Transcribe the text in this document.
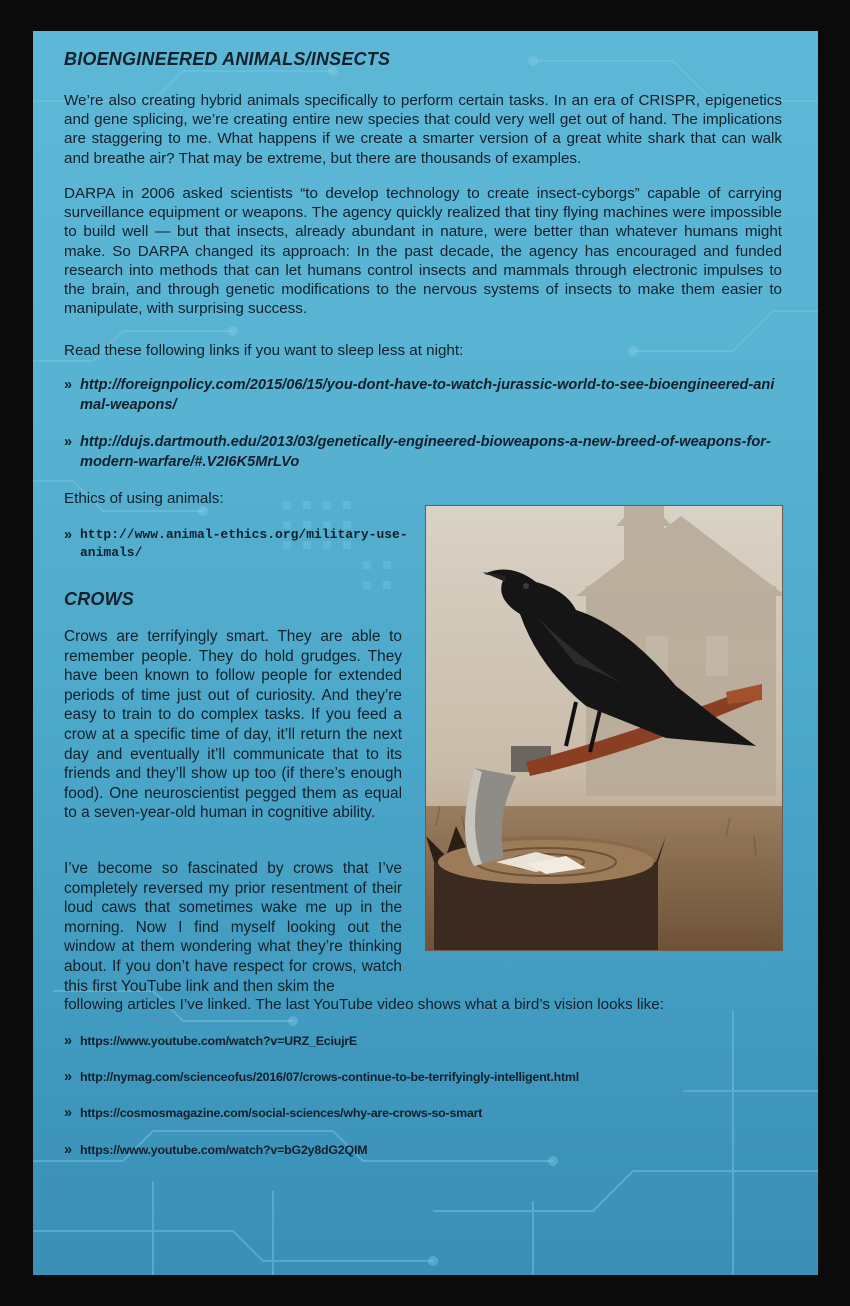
BIOENGINEERED ANIMALS/INSECTS

We’re also creating hybrid animals specifically to perform certain tasks. In an era of CRISPR, epigenetics and gene splicing, we’re creating entire new species that could very well get out of hand. The implications are staggering to me. What happens if we create a smarter version of a great white shark that can walk and breathe air? That may be extreme, but there are thousands of examples.

DARPA in 2006 asked scientists “to develop technology to create insect-cyborgs” capable of carrying surveillance equipment or weapons. The agency quickly realized that tiny flying machines were impossible to build well — but that insects, already abundant in nature, were better than whatever humans might make. So DARPA changed its approach: In the past decade, the agency has encouraged and funded research into methods that can let humans control insects and mammals through electronic impulses to the brain, and through genetic modifications to the nervous systems of insects to make them easier to manipulate, with surprising success.

Read these following links if you want to sleep less at night:

» http://foreignpolicy.com/2015/06/15/you-dont-have-to-watch-jurassic-world-to-see-bioengineered-animal-weapons/
» http://dujs.dartmouth.edu/2013/03/genetically-engineered-bioweapons-a-new-breed-of-weapons-for-modern-warfare/#.V2I6K5MrLVo

Ethics of using animals:

» http://www.animal-ethics.org/military-use-animals/
CROWS

Crows are terrifyingly smart. They are able to remember people. They do hold grudges. They have been known to follow people for extended periods of time just out of curiosity. And they’re easy to train to do complex tasks. If you feed a crow at a specific time of day, it’ll return the next day and eventually it’ll communicate that to its friends and they’ll show up too (if there’s enough food). One neuroscientist pegged them as equal to a seven-year-old human in cognitive ability.

I’ve become so fascinated by crows that I’ve completely reversed my prior resentment of their loud caws that sometimes wake me up in the morning. Now I find myself looking out the window at them wondering what they’re thinking about. If you don’t have respect for crows, watch this first YouTube link and then skim the

following articles I’ve linked. The last YouTube video shows what a bird’s vision looks like:

» https://www.youtube.com/watch?v=URZ_EciujrE
» http://nymag.com/scienceofus/2016/07/crows-continue-to-be-terrifyingly-intelligent.html
» https://cosmosmagazine.com/social-sciences/why-are-crows-so-smart
» https://www.youtube.com/watch?v=bG2y8dG2QIM
